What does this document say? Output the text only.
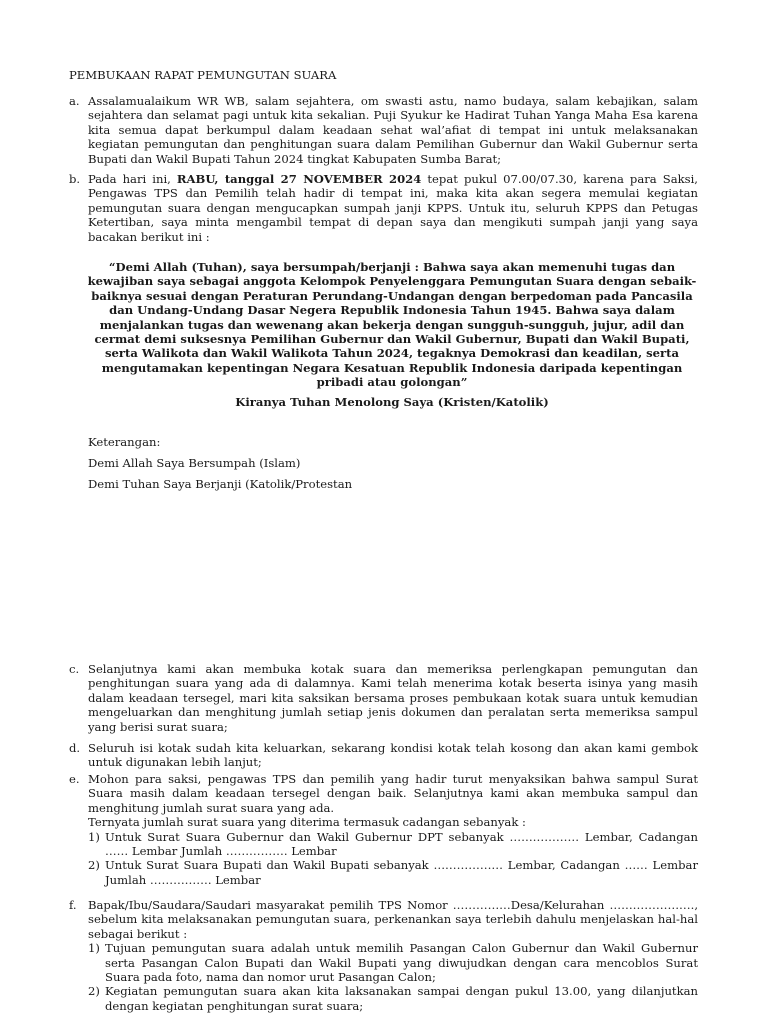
PEMBUKAAN RAPAT PEMUNGUTAN SUARA
a. Assalamualaikum WR WB, salam sejahtera, om swasti astu, namo budaya, salam kebajikan, salam sejahtera dan selamat pagi untuk kita sekalian. Puji Syukur ke Hadirat Tuhan Yanga Maha Esa karena kita semua dapat berkumpul dalam keadaan sehat wal’afiat di tempat ini untuk melaksanakan kegiatan pemungutan dan penghitungan suara dalam Pemilihan Gubernur dan Wakil Gubernur serta Bupati dan Wakil Bupati Tahun 2024 tingkat Kabupaten Sumba Barat;
b. Pada hari ini, RABU, tanggal 27 NOVEMBER 2024 tepat pukul 07.00/07.30, karena para Saksi, Pengawas TPS dan Pemilih telah hadir di tempat ini, maka kita akan segera memulai kegiatan pemungutan suara dengan mengucapkan sumpah janji KPPS. Untuk itu, seluruh KPPS dan Petugas Ketertiban, saya minta mengambil tempat di depan saya dan mengikuti sumpah janji yang saya bacakan berikut ini :
“Demi Allah (Tuhan), saya bersumpah/berjanji : Bahwa saya akan memenuhi tugas dan kewajiban saya sebagai anggota Kelompok Penyelenggara Pemungutan Suara dengan sebaik-baiknya sesuai dengan Peraturan Perundang-Undangan dengan berpedoman pada Pancasila dan Undang-Undang Dasar Negera Republik Indonesia Tahun 1945. Bahwa saya dalam menjalankan tugas dan wewenang akan bekerja dengan sungguh-sungguh, jujur, adil dan cermat demi suksesnya Pemilihan Gubernur dan Wakil Gubernur, Bupati dan Wakil Bupati, serta Walikota dan Wakil Walikota Tahun 2024, tegaknya Demokrasi dan keadilan, serta mengutamakan kepentingan Negara Kesatuan Republik Indonesia daripada kepentingan pribadi atau golongan”
Kiranya Tuhan Menolong Saya (Kristen/Katolik)
Keterangan:
Demi Allah Saya Bersumpah (Islam)
Demi Tuhan Saya Berjanji (Katolik/Protestan
c. Selanjutnya kami akan membuka kotak suara dan memeriksa perlengkapan pemungutan dan penghitungan suara yang ada di dalamnya. Kami telah menerima kotak beserta isinya yang masih dalam keadaan tersegel, mari kita saksikan bersama proses pembukaan kotak suara untuk kemudian mengeluarkan dan menghitung jumlah setiap jenis dokumen dan peralatan serta memeriksa sampul yang berisi surat suara;
d. Seluruh isi kotak sudah kita keluarkan, sekarang kondisi kotak telah kosong dan akan kami gembok untuk digunakan lebih lanjut;
e. Mohon para saksi, pengawas TPS dan pemilih yang hadir turut menyaksikan bahwa sampul Surat Suara masih dalam keadaan tersegel dengan baik. Selanjutnya kami akan membuka sampul dan menghitung jumlah surat suara yang ada.
Ternyata jumlah surat suara yang diterima termasuk cadangan sebanyak :
1) Untuk Surat Suara Gubernur dan Wakil Gubernur DPT sebanyak ……………… Lembar, Cadangan …… Lembar Jumlah ……………. Lembar
2) Untuk Surat Suara Bupati dan Wakil Bupati sebanyak ……………… Lembar, Cadangan …… Lembar Jumlah ……………. Lembar
f. Bapak/Ibu/Saudara/Saudari masyarakat pemilih TPS Nomor ……………Desa/Kelurahan …………………., sebelum kita melaksanakan pemungutan suara, perkenankan saya terlebih dahulu menjelaskan hal-hal sebagai berikut :
1) Tujuan pemungutan suara adalah untuk memilih Pasangan Calon Gubernur dan Wakil Gubernur serta Pasangan Calon Bupati dan Wakil Bupati yang diwujudkan dengan cara mencoblos Surat Suara pada foto, nama dan nomor urut Pasangan Calon;
2) Kegiatan pemungutan suara akan kita laksanakan sampai dengan pukul 13.00, yang dilanjutkan dengan kegiatan penghitungan surat suara;
